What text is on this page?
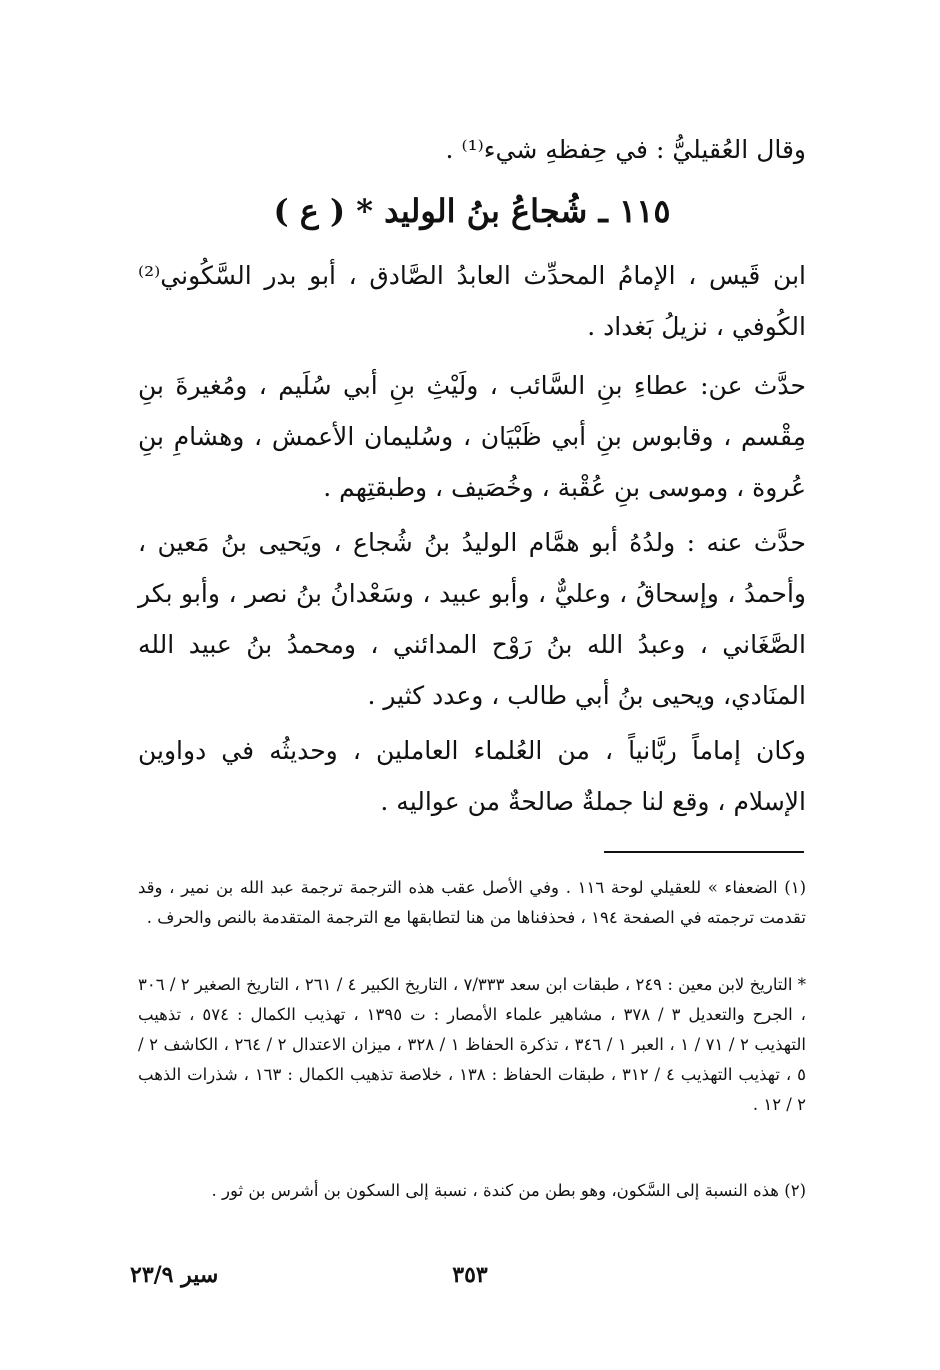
وقال العُقيليُّ : في حِفظهِ شيء⁽¹⁾ .

١١٥ ـ شُجاعُ بنُ الوليد * ( ع )

ابن قَيس ، الإمامُ المحدِّث العابدُ الصَّادق ، أبو بدر السَّكُوني⁽²⁾ الكُوفي ، نزيلُ بَغداد .

حدَّث عن: عطاءِ بنِ السَّائب ، ولَيْثِ بنِ أبي سُلَيم ، ومُغيرةَ بنِ مِقْسم ، وقابوس بنِ أبي ظَبْيَان ، وسُليمان الأعمش ، وهشامِ بنِ عُروة ، وموسى بنِ عُقْبة ، وخُصَيف ، وطبقتِهم .

حدَّث عنه : ولدُهُ أبو همَّام الوليدُ بنُ شُجاع ، ويَحيى بنُ مَعين ، وأحمدُ ، وإسحاقُ ، وعليٌّ ، وأبو عبيد ، وسَعْدانُ بنُ نصر ، وأبو بكر الصَّغَاني ، وعبدُ الله بنُ رَوْح المدائني ، ومحمدُ بنُ عبيد الله المنَادي، ويحيى بنُ أبي طالب ، وعدد كثير .

وكان إماماً ربَّانياً ، من العُلماء العاملين ، وحديثُه في دواوين الإسلام ، وقع لنا جملةٌ صالحةٌ من عواليه .

(١) الضعفاء » للعقيلي لوحة ١١٦ . وفي الأصل عقب هذه الترجمة ترجمة عبد الله بن نمير ، وقد تقدمت ترجمته في الصفحة ١٩٤ ، فحذفناها من هنا لتطابقها مع الترجمة المتقدمة بالنص والحرف .

* التاريخ لابن معين : ٢٤٩ ، طبقات ابن سعد ٧/٣٣٣ ، التاريخ الكبير ٤ / ٢٦١ ، التاريخ الصغير ٢ / ٣٠٦ ، الجرح والتعديل ٣ / ٣٧٨ ، مشاهير علماء الأمصار : ت ١٣٩٥ ، تهذيب الكمال : ٥٧٤ ، تذهيب التهذيب ٢ / ٧١ / ١ ، العبر ١ / ٣٤٦ ، تذكرة الحفاظ ١ / ٣٢٨ ، ميزان الاعتدال ٢ / ٢٦٤ ، الكاشف ٢ / ٥ ، تهذيب التهذيب ٤ / ٣١٢ ، طبقات الحفاظ : ١٣٨ ، خلاصة تذهيب الكمال : ١٦٣ ، شذرات الذهب ٢ / ١٢ .

(٢) هذه النسبة إلى السَّكون، وهو بطن من كندة ، نسبة إلى السكون بن أشرس بن ثور .

٣٥٣
سير ٢٣/٩
